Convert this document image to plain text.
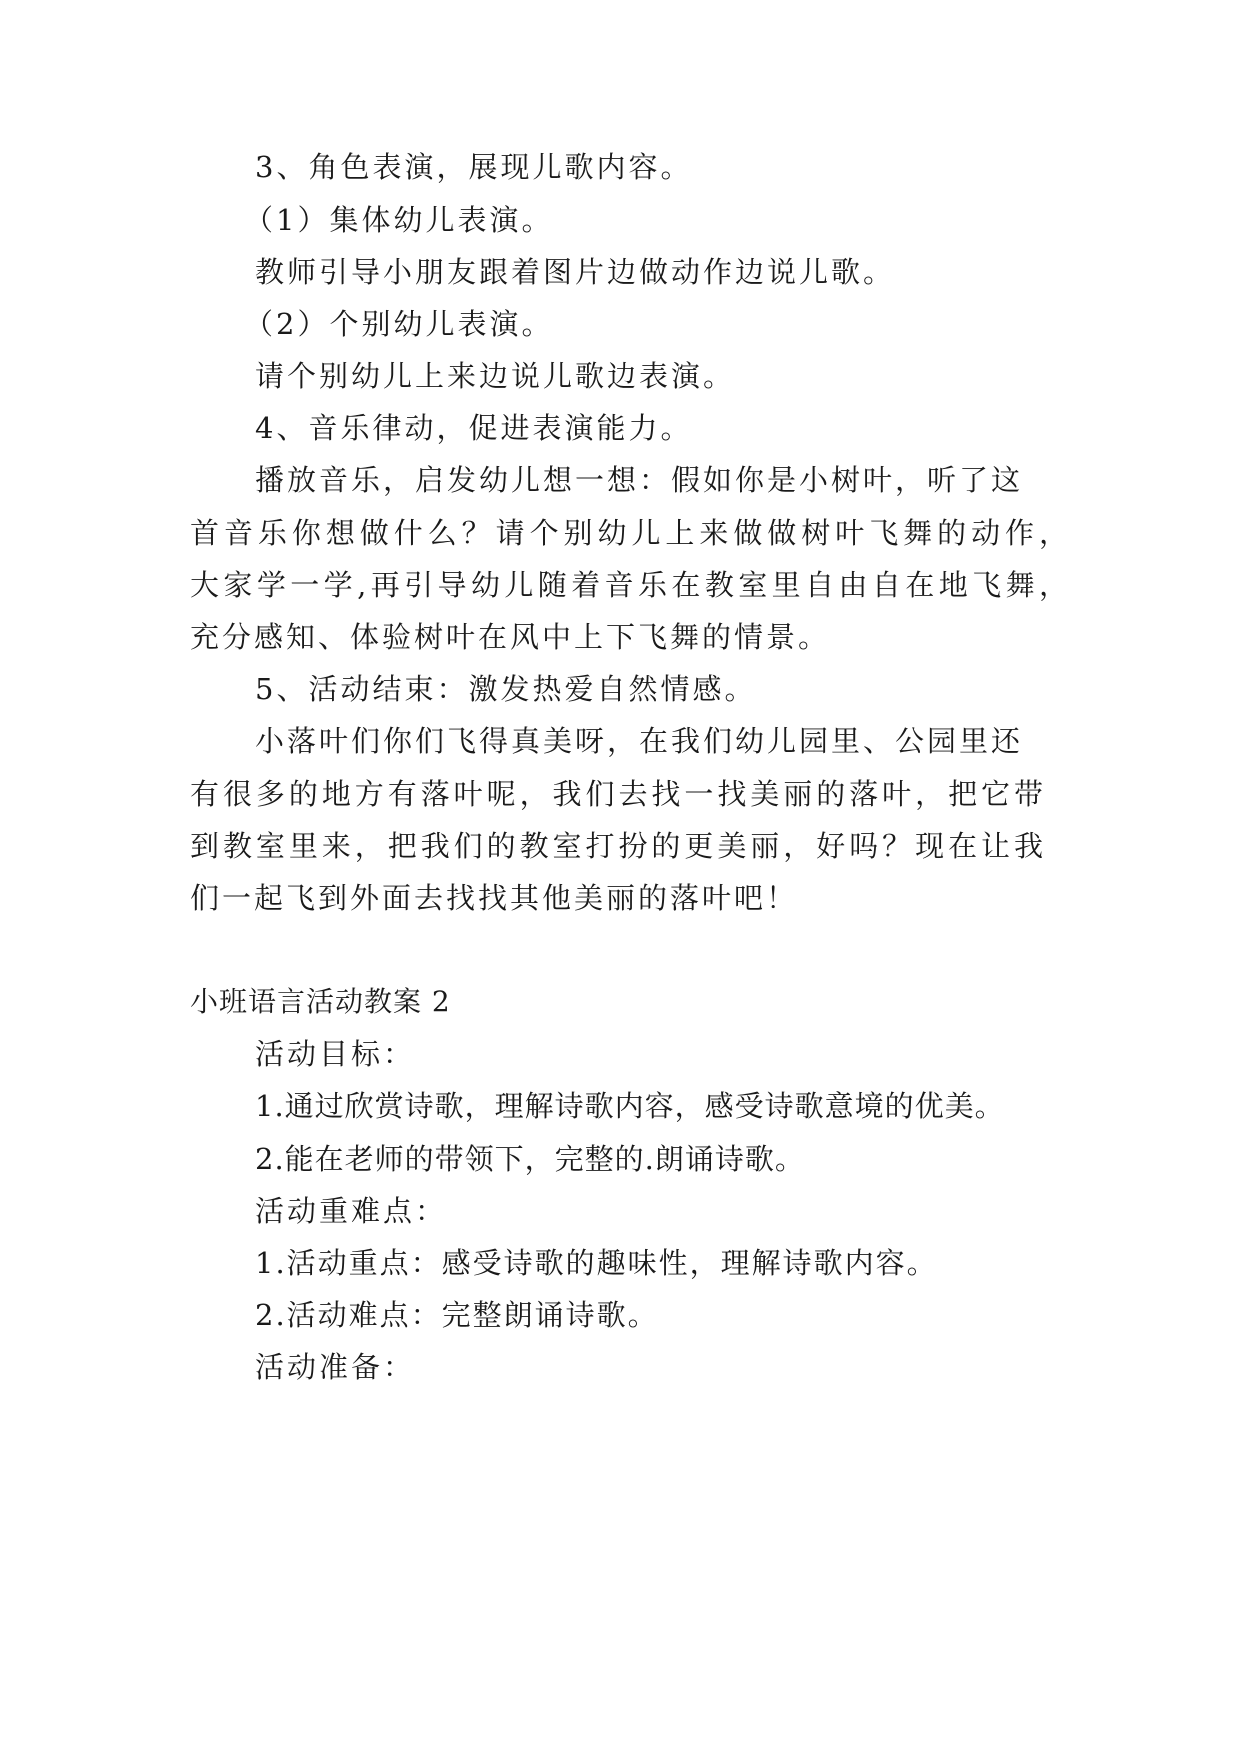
3、角色表演，展现儿歌内容。
（1）集体幼儿表演。
教师引导小朋友跟着图片边做动作边说儿歌。
（2）个别幼儿表演。
请个别幼儿上来边说儿歌边表演。
4、音乐律动，促进表演能力。
播放音乐，启发幼儿想一想：假如你是小树叶，听了这
首音乐你想做什么？请个别幼儿上来做做树叶飞舞的动作，
大家学一学,再引导幼儿随着音乐在教室里自由自在地飞舞，
充分感知、体验树叶在风中上下飞舞的情景。
5、活动结束：激发热爱自然情感。
小落叶们你们飞得真美呀，在我们幼儿园里、公园里还
有很多的地方有落叶呢，我们去找一找美丽的落叶，把它带
到教室里来，把我们的教室打扮的更美丽，好吗？现在让我
们一起飞到外面去找找其他美丽的落叶吧！
小班语言活动教案 2
活动目标：
1.通过欣赏诗歌，理解诗歌内容，感受诗歌意境的优美。
2.能在老师的带领下，完整的.朗诵诗歌。
活动重难点：
1.活动重点：感受诗歌的趣味性，理解诗歌内容。
2.活动难点：完整朗诵诗歌。
活动准备：
